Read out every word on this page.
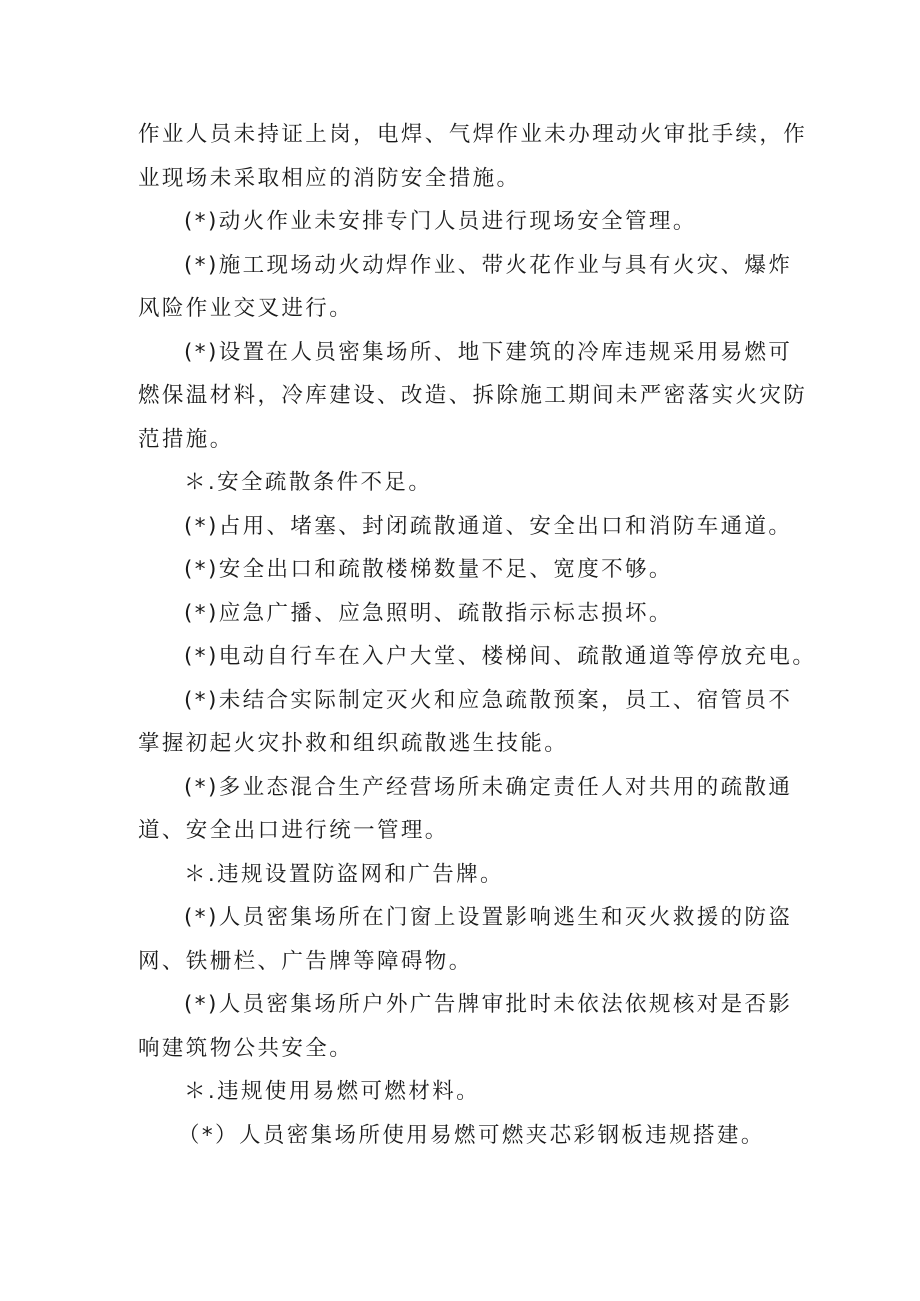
作业人员未持证上岗，电焊、气焊作业未办理动火审批手续，作
业现场未采取相应的消防安全措施。
(*)动火作业未安排专门人员进行现场安全管理。
(*)施工现场动火动焊作业、带火花作业与具有火灾、爆炸
风险作业交叉进行。
(*)设置在人员密集场所、地下建筑的冷库违规采用易燃可
燃保温材料，冷库建设、改造、拆除施工期间未严密落实火灾防
范措施。
＊.安全疏散条件不足。
(*)占用、堵塞、封闭疏散通道、安全出口和消防车通道。
(*)安全出口和疏散楼梯数量不足、宽度不够。
(*)应急广播、应急照明、疏散指示标志损坏。
(*)电动自行车在入户大堂、楼梯间、疏散通道等停放充电。
(*)未结合实际制定灭火和应急疏散预案，员工、宿管员不
掌握初起火灾扑救和组织疏散逃生技能。
(*)多业态混合生产经营场所未确定责任人对共用的疏散通
道、安全出口进行统一管理。
＊.违规设置防盗网和广告牌。
(*)人员密集场所在门窗上设置影响逃生和灭火救援的防盗
网、铁栅栏、广告牌等障碍物。
(*)人员密集场所户外广告牌审批时未依法依规核对是否影
响建筑物公共安全。
＊.违规使用易燃可燃材料。
（*）人员密集场所使用易燃可燃夹芯彩钢板违规搭建。
